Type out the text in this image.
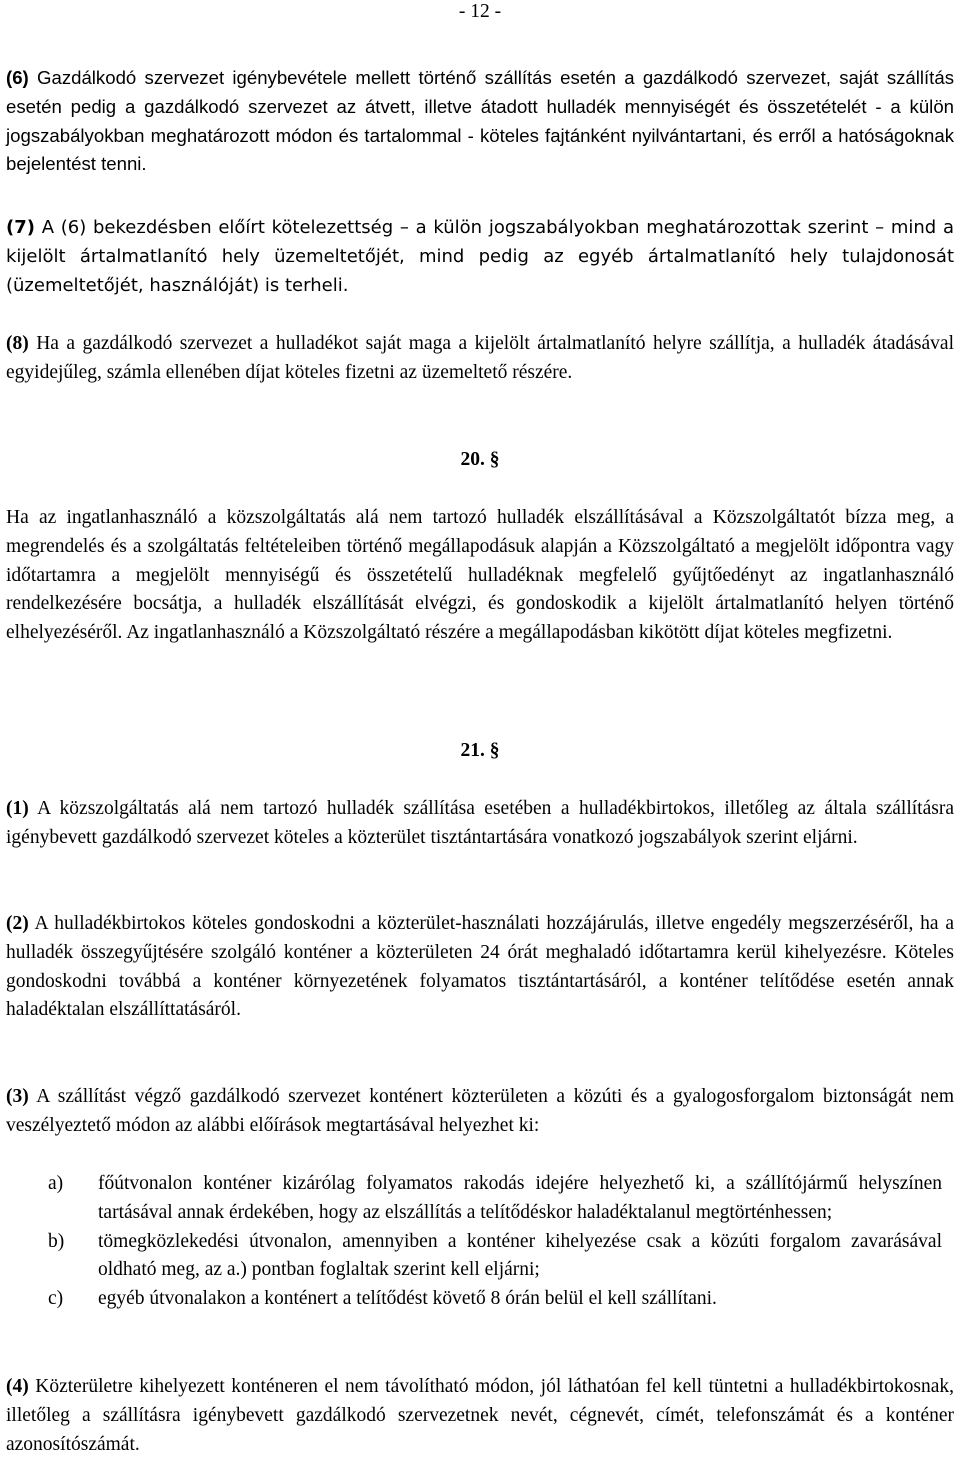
- 12 -

(6) Gazdálkodó szervezet igénybevétele mellett történő szállítás esetén a gazdálkodó szervezet, saját szállítás esetén pedig a gazdálkodó szervezet az átvett, illetve átadott hulladék mennyiségét és összetételét - a külön jogszabályokban meghatározott módon és tartalommal - köteles fajtánként nyilvántartani, és erről a hatóságoknak bejelentést tenni.

(7) A (6) bekezdésben előírt kötelezettség – a külön jogszabályokban meghatározottak szerint – mind a kijelölt ártalmatlanító hely üzemeltetőjét, mind pedig az egyéb ártalmatlanító hely tulajdonosát (üzemeltetőjét, használóját) is terheli.

(8) Ha a gazdálkodó szervezet a hulladékot saját maga a kijelölt ártalmatlanító helyre szállítja, a hulladék átadásával egyidejűleg, számla ellenében díjat köteles fizetni az üzemeltető részére.

20. §

Ha az ingatlanhasználó a közszolgáltatás alá nem tartozó hulladék elszállításával a Közszolgáltatót bízza meg, a megrendelés és a szolgáltatás feltételeiben történő megállapodásuk alapján a Közszolgáltató a megjelölt időpontra vagy időtartamra a megjelölt mennyiségű és összetételű hulladéknak megfelelő gyűjtőedényt az ingatlanhasználó rendelkezésére bocsátja, a hulladék elszállítását elvégzi, és gondoskodik a kijelölt ártalmatlanító helyen történő elhelyezéséről. Az ingatlanhasználó a Közszolgáltató részére a megállapodásban kikötött díjat köteles megfizetni.

21. §

(1) A közszolgáltatás alá nem tartozó hulladék szállítása esetében a hulladékbirtokos, illetőleg az általa szállításra igénybevett gazdálkodó szervezet köteles a közterület tisztántartására vonatkozó jogszabályok szerint eljárni.

(2) A hulladékbirtokos köteles gondoskodni a közterület-használati hozzájárulás, illetve engedély megszerzéséről, ha a hulladék összegyűjtésére szolgáló konténer a közterületen 24 órát meghaladó időtartamra kerül kihelyezésre. Köteles gondoskodni továbbá a konténer környezetének folyamatos tisztántartásáról, a konténer telítődése esetén annak haladéktalan elszállíttatásáról.

(3) A szállítást végző gazdálkodó szervezet konténert közterületen a közúti és a gyalogosforgalom biztonságát nem veszélyeztető módon az alábbi előírások megtartásával helyezhet ki:

a)	főútvonalon konténer kizárólag folyamatos rakodás idejére helyezhető ki, a szállítójármű helyszínen tartásával annak érdekében, hogy az elszállítás a telítődéskor haladéktalanul megtörténhessen;
b)	tömegközlekedési útvonalon, amennyiben a konténer kihelyezése csak a közúti forgalom zavarásával oldható meg, az a.) pontban foglaltak szerint kell eljárni;
c)	egyéb útvonalakon a konténert a telítődést követő 8 órán belül el kell szállítani.

(4) Közterületre kihelyezett konténeren el nem távolítható módon, jól láthatóan fel kell tüntetni a hulladékbirtokosnak, illetőleg a szállításra igénybevett gazdálkodó szervezetnek nevét, cégnevét, címét, telefonszámát és a konténer azonosítószámát.
